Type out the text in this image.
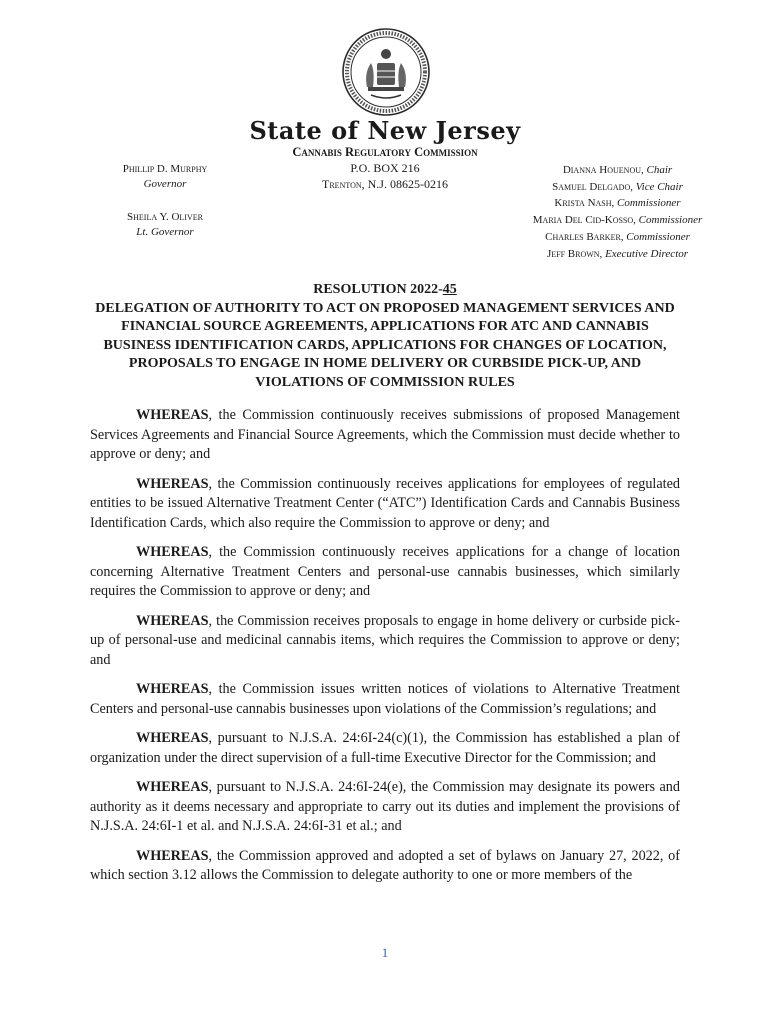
State of New Jersey
Cannabis Regulatory Commission
P.O. BOX 216
Trenton, N.J. 08625-0216
Phillip D. Murphy
Governor
Sheila Y. Oliver
Lt. Governor
Dianna Houenou, Chair
Samuel Delgado, Vice Chair
Krista Nash, Commissioner
Maria Del Cid-Kosso, Commissioner
Charles Barker, Commissioner
Jeff Brown, Executive Director
RESOLUTION 2022-45
DELEGATION OF AUTHORITY TO ACT ON PROPOSED MANAGEMENT SERVICES AND FINANCIAL SOURCE AGREEMENTS, APPLICATIONS FOR ATC AND CANNABIS BUSINESS IDENTIFICATION CARDS, APPLICATIONS FOR CHANGES OF LOCATION, PROPOSALS TO ENGAGE IN HOME DELIVERY OR CURBSIDE PICK-UP, AND VIOLATIONS OF COMMISSION RULES

WHEREAS, the Commission continuously receives submissions of proposed Management Services Agreements and Financial Source Agreements, which the Commission must decide whether to approve or deny; and

WHEREAS, the Commission continuously receives applications for employees of regulated entities to be issued Alternative Treatment Center (“ATC”) Identification Cards and Cannabis Business Identification Cards, which also require the Commission to approve or deny; and

WHEREAS, the Commission continuously receives applications for a change of location concerning Alternative Treatment Centers and personal-use cannabis businesses, which similarly requires the Commission to approve or deny; and

WHEREAS, the Commission receives proposals to engage in home delivery or curbside pick-up of personal-use and medicinal cannabis items, which requires the Commission to approve or deny; and

WHEREAS, the Commission issues written notices of violations to Alternative Treatment Centers and personal-use cannabis businesses upon violations of the Commission’s regulations; and

WHEREAS, pursuant to N.J.S.A. 24:6I-24(c)(1), the Commission has established a plan of organization under the direct supervision of a full-time Executive Director for the Commission; and

WHEREAS, pursuant to N.J.S.A. 24:6I-24(e), the Commission may designate its powers and authority as it deems necessary and appropriate to carry out its duties and implement the provisions of N.J.S.A. 24:6I-1 et al. and N.J.S.A. 24:6I-31 et al.; and

WHEREAS, the Commission approved and adopted a set of bylaws on January 27, 2022, of which section 3.12 allows the Commission to delegate authority to one or more members of the

1
